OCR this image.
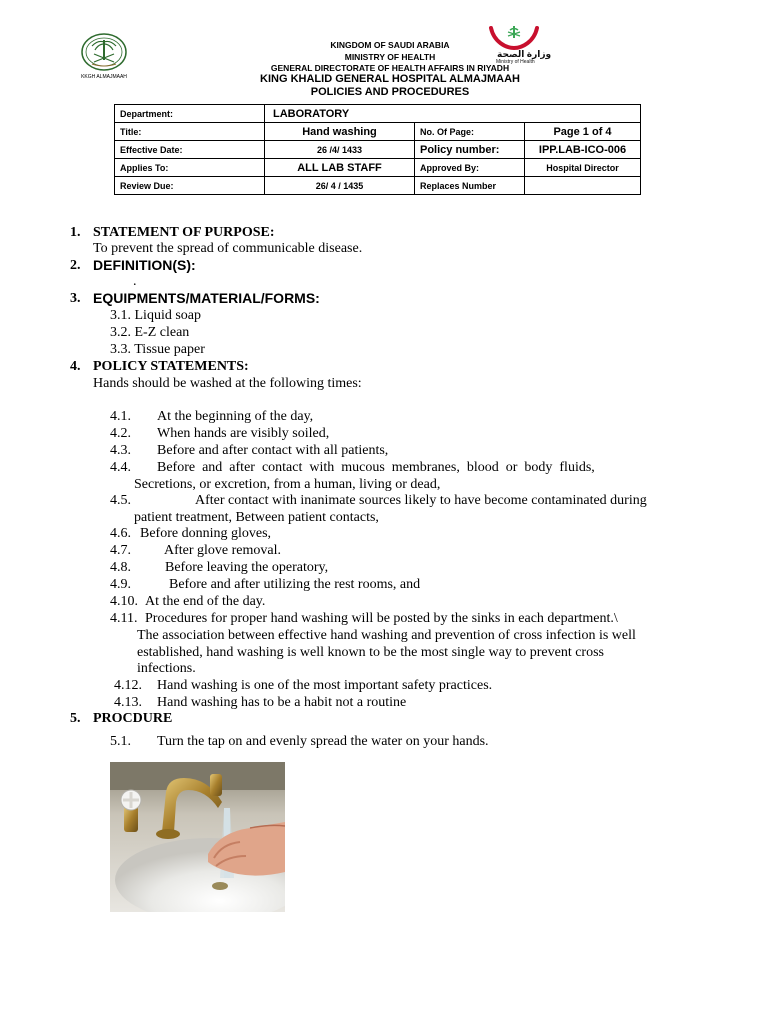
KKGH ALMAJMAAH
KINGDOM OF SAUDI ARABIA
MINISTRY OF HEALTH
GENERAL DIRECTORATE OF HEALTH AFFAIRS IN RIYADH
KING KHALID GENERAL HOSPITAL ALMAJMAAH
POLICIES AND PROCEDURES
وزارة الصحة
Ministry of Health
Department:	LABORATORY		
Title:	Hand washing	No. Of Page:	Page 1 of 4
Effective Date:	26 /4/ 1433	Policy number:	IPP.LAB-ICO-006
Applies To:	ALL LAB STAFF	Approved By:	Hospital Director
Review Due:	26/ 4 / 1435	Replaces Number	
1. STATEMENT OF PURPOSE:
To prevent the spread of communicable disease.
2. DEFINITION(S):
.
3. EQUIPMENTS/MATERIAL/FORMS:
3.1. Liquid soap
3.2. E-Z clean
3.3. Tissue paper
4. POLICY STATEMENTS:
Hands should be washed at the following times:
4.1. At the beginning of the day,
4.2. When hands are visibly soiled,
4.3. Before and after contact with all patients,
4.4. Before  and  after  contact  with  mucous  membranes,  blood  or  body  fluids,
Secretions, or excretion, from a human, living or dead,
4.5.	After contact with inanimate sources likely to have become contaminated during
patient treatment, Between patient contacts,
4.6. Before donning gloves,
4.7. After glove removal.
4.8. Before leaving the operatory,
4.9.	Before and after utilizing the rest rooms, and
4.10. At the end of the day.
4.11. Procedures for proper hand washing will be posted by the sinks in each department.\
The association between effective hand washing and prevention of cross infection is well
established, hand washing is well known to be the most single way to prevent cross
infections.
4.12. Hand washing is one of the most important safety practices.
4.13. Hand washing has to be a habit not a routine
5. PROCDURE
5.1. Turn the tap on and evenly spread the water on your hands.
